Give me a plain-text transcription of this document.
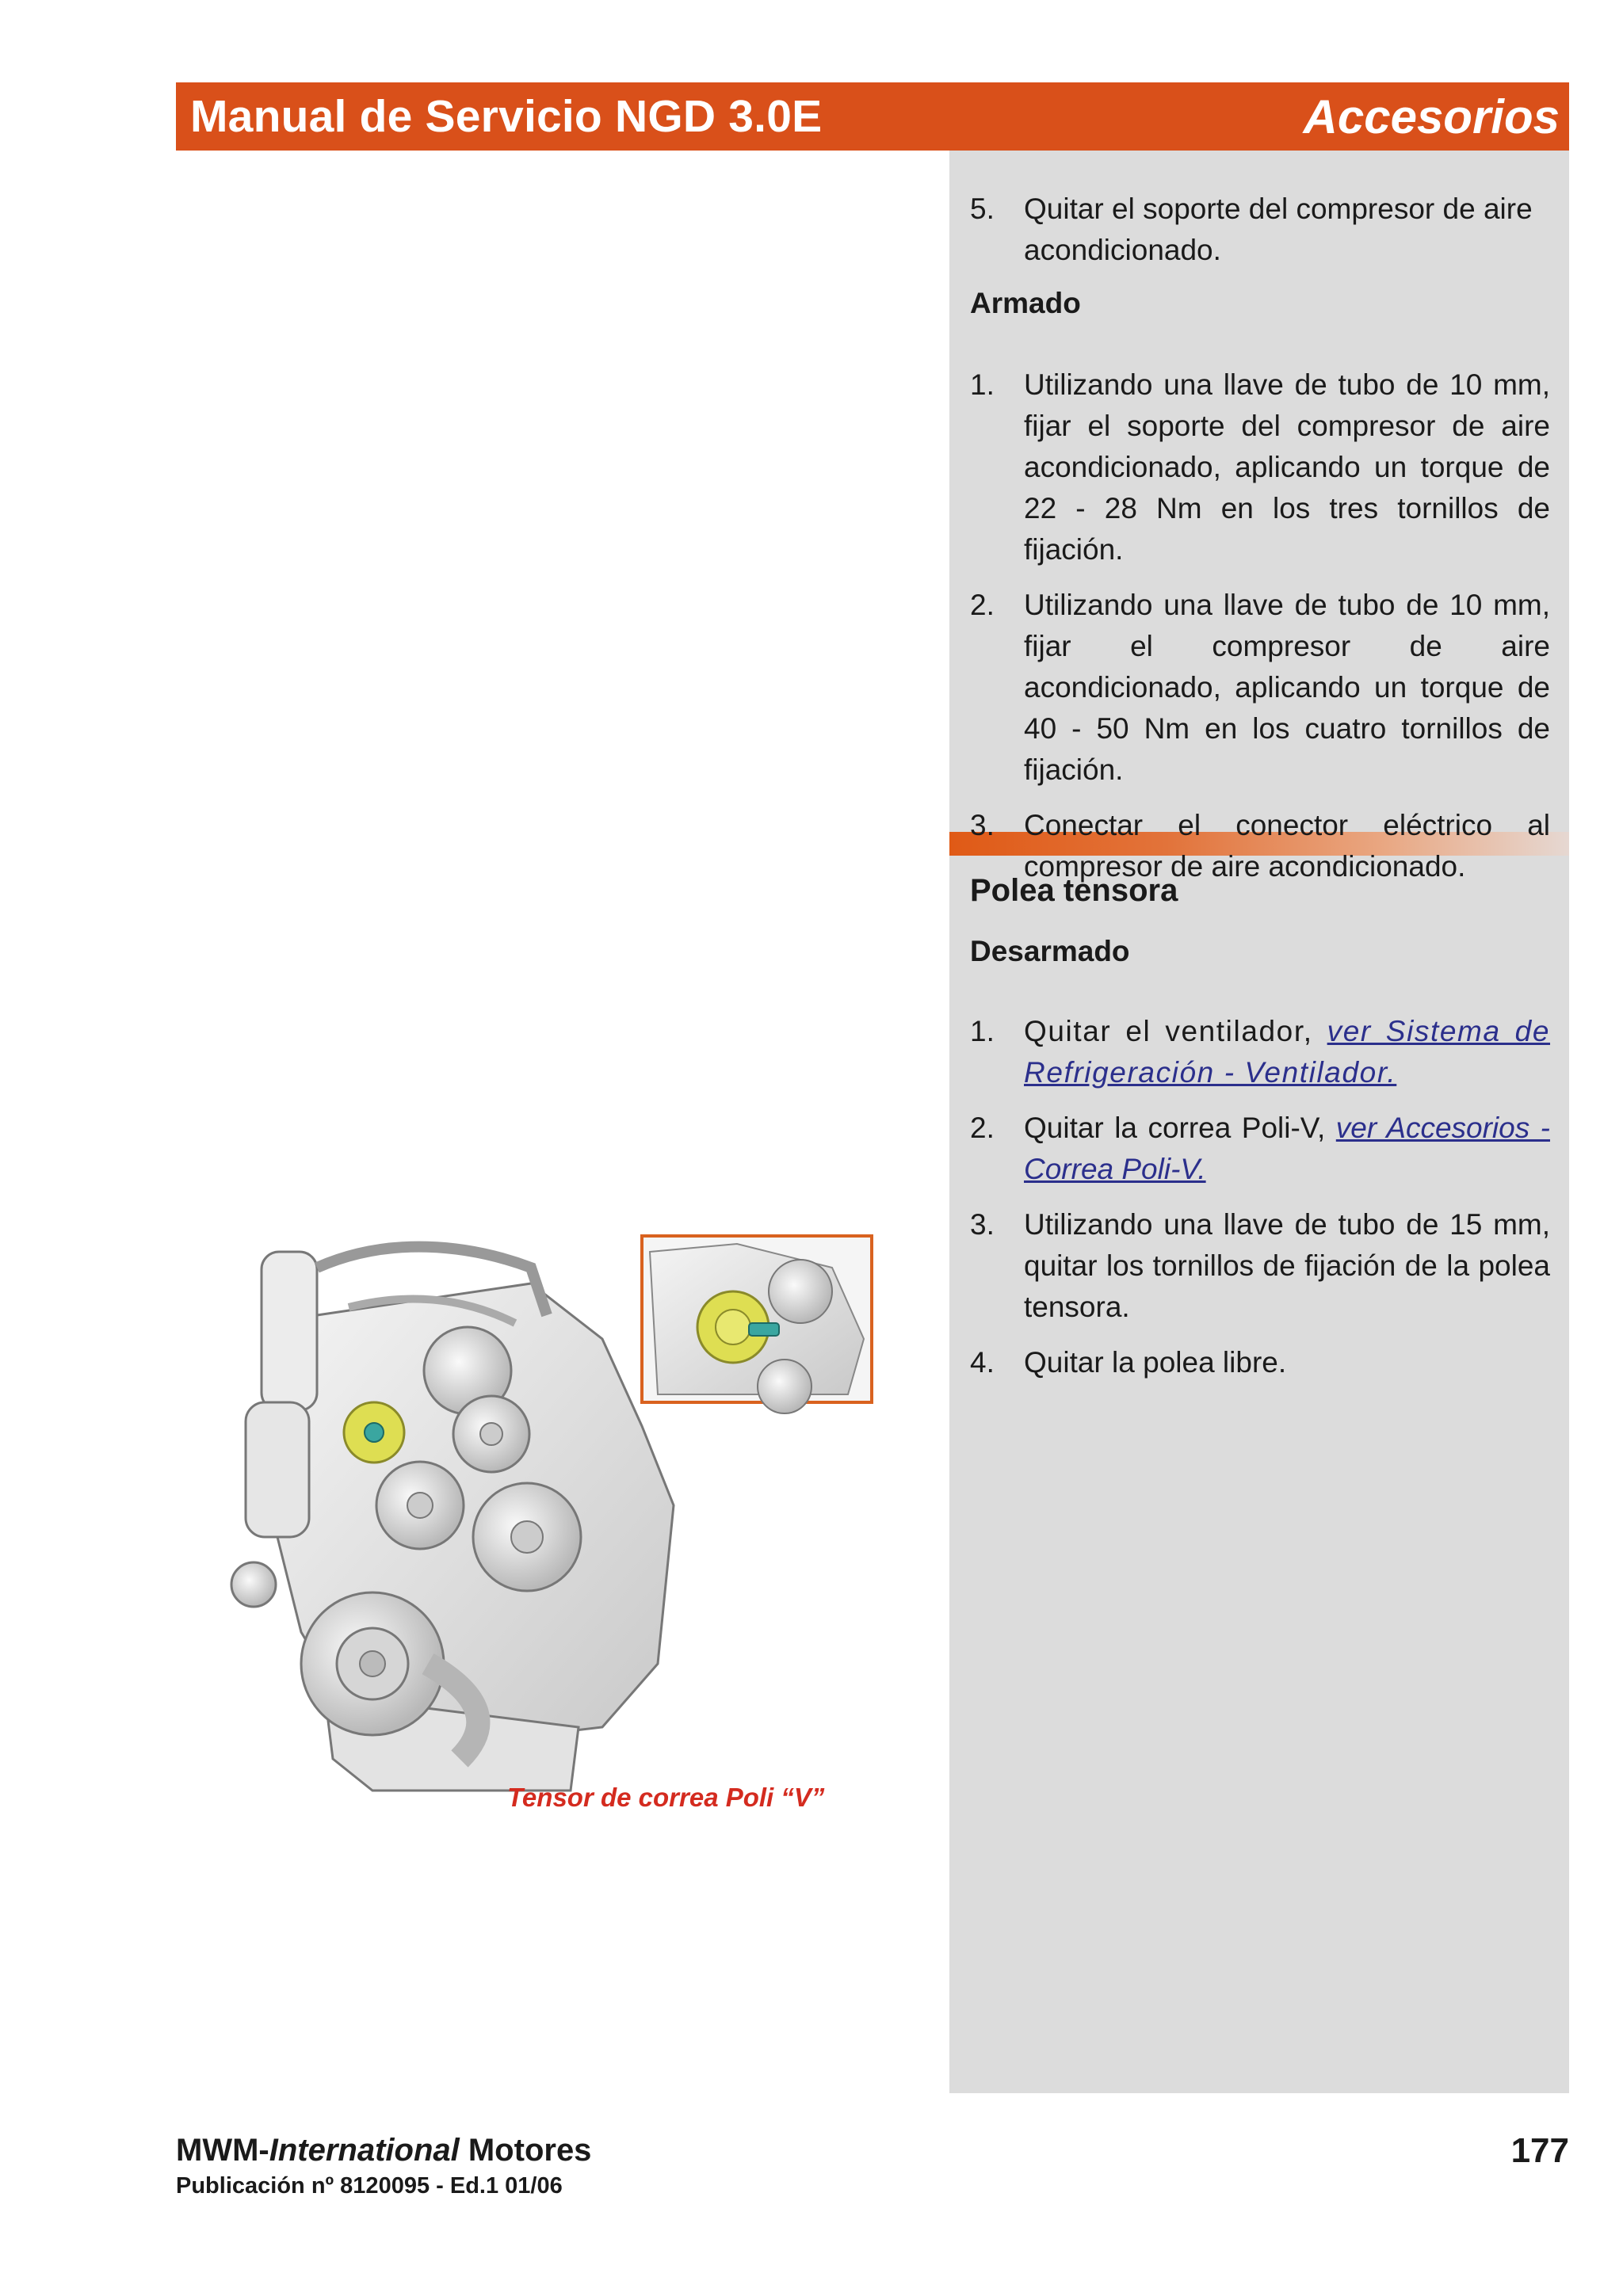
Manual de Servicio NGD 3.0E	Accesorios
5.	Quitar el soporte del compresor de aire acondicionado.
Armado
1.	Utilizando una llave de tubo de 10 mm, fijar el soporte del compresor de aire acondicionado, aplicando un torque de 22 - 28 Nm en los tres tornillos de fijación.
2.	Utilizando una llave de tubo de 10 mm, fijar el compresor de aire acondicionado, aplicando un torque de 40 - 50 Nm en los cuatro tornillos de fijación.
3.	Conectar el conector eléctrico al compresor de aire acondicionado.
Polea tensora
Desarmado
1.	Quitar el ventilador, ver Sistema de Refrigeración - Ventilador.
2.	Quitar la correa Poli-V, ver Accesorios - Correa Poli-V.
3.	Utilizando una llave de tubo de 15 mm, quitar los tornillos de fijación de la polea tensora.
4.	Quitar la polea libre.
Tensor de correa Poli “V”
MWM-International Motores
Publicación nº 8120095 - Ed.1 01/06
177
